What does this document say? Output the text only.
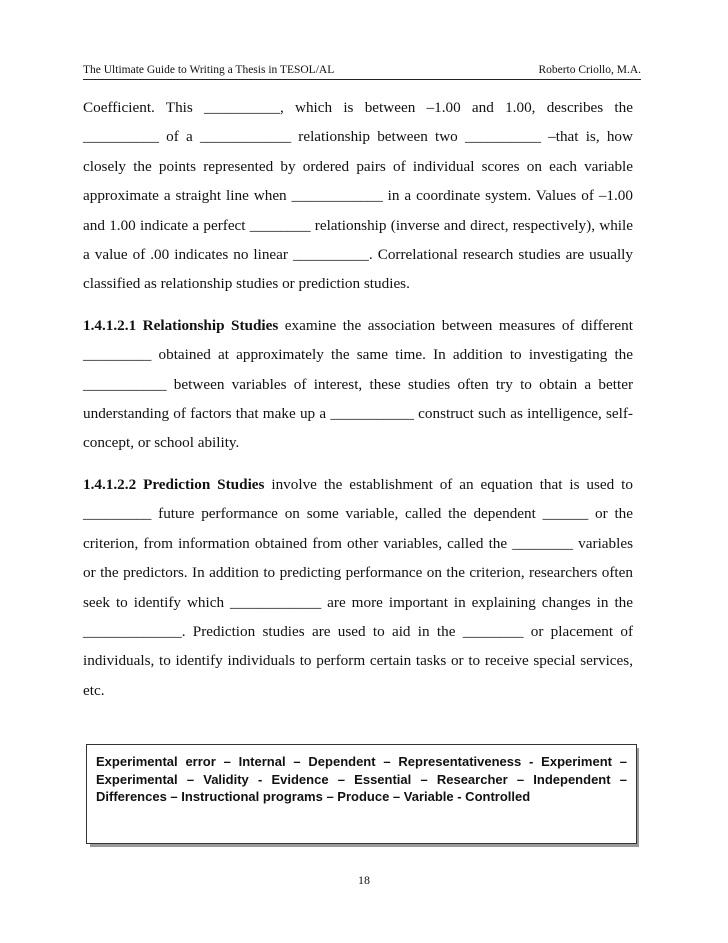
The Ultimate Guide to Writing a Thesis in TESOL/AL	Roberto Criollo, M.A.

Coefficient. This __________, which is between –1.00 and 1.00, describes the __________ of a ____________ relationship between two __________ –that is, how closely the points represented by ordered pairs of individual scores on each variable approximate a straight line when ____________ in a coordinate system. Values of –1.00 and 1.00 indicate a perfect ________ relationship (inverse and direct, respectively), while a value of .00 indicates no linear __________. Correlational research studies are usually classified as relationship studies or prediction studies.

1.4.1.2.1 Relationship Studies examine the association between measures of different _________ obtained at approximately the same time. In addition to investigating the ___________ between variables of interest, these studies often try to obtain a better understanding of factors that make up a ___________ construct such as intelligence, self-concept, or school ability.

1.4.1.2.2 Prediction Studies involve the establishment of an equation that is used to _________ future performance on some variable, called the dependent ______ or the criterion, from information obtained from other variables, called the ________ variables or the predictors. In addition to predicting performance on the criterion, researchers often seek to identify which ____________ are more important in explaining changes in the _____________. Prediction studies are used to aid in the ________ or placement of individuals, to identify individuals to perform certain tasks or to receive special services, etc.

Experimental error – Internal – Dependent – Representativeness - Experiment – Experimental – Validity - Evidence – Essential – Researcher – Independent – Differences – Instructional programs – Produce – Variable - Controlled
18
